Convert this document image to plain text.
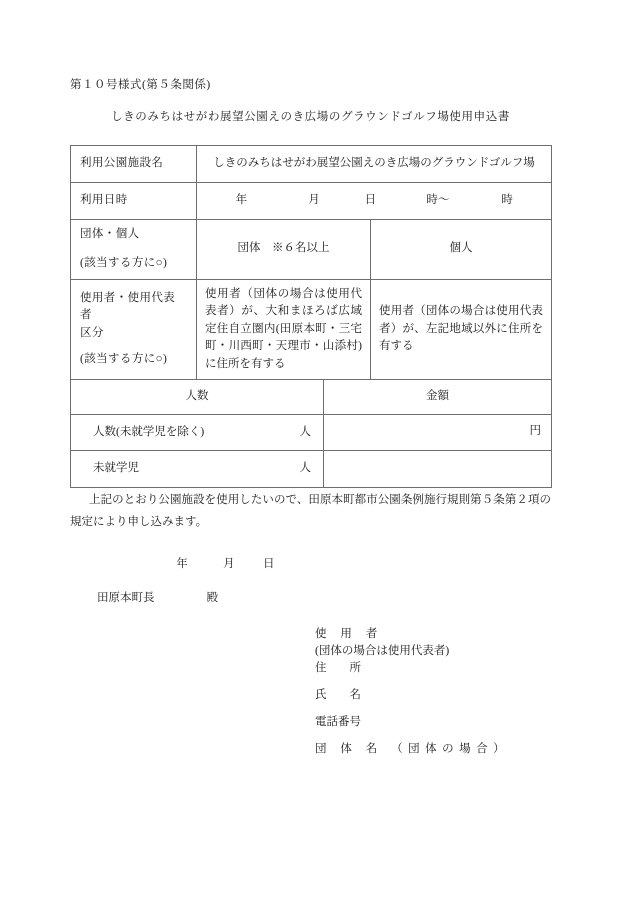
第１０号様式(第５条関係)
しきのみちはせがわ展望公園えのき広場のグラウンドゴルフ場使用申込書
利用公園施設名	しきのみちはせがわ展望公園えのき広場のグラウンドゴルフ場		

利用日時	年 月 日 時～ 時		

団体・個人
(該当する方に○)	団体　※６名以上		個人

使用者・使用代表者
区分
(該当する方に○)	使用者（団体の場合は使用代表者）が、大和まほろば広域定住自立圏内(田原本町・三宅町・川西町・天理市・山添村)に住所を有する		使用者（団体の場合は使用代表者）が、左記地域以外に住所を有する

人数		金額	

人数(未就学児を除く) 人		円	

未就学児 人

上記のとおり公園施設を使用したいので、田原本町都市公園条例施行規則第５条第２項の規定により申し込みます。
年	月 日
田原本町長	殿
使 用 者
(団体の場合は使用代表者)
住　　所
氏　　名
電話番号
団 体 名 （団体の場合）
